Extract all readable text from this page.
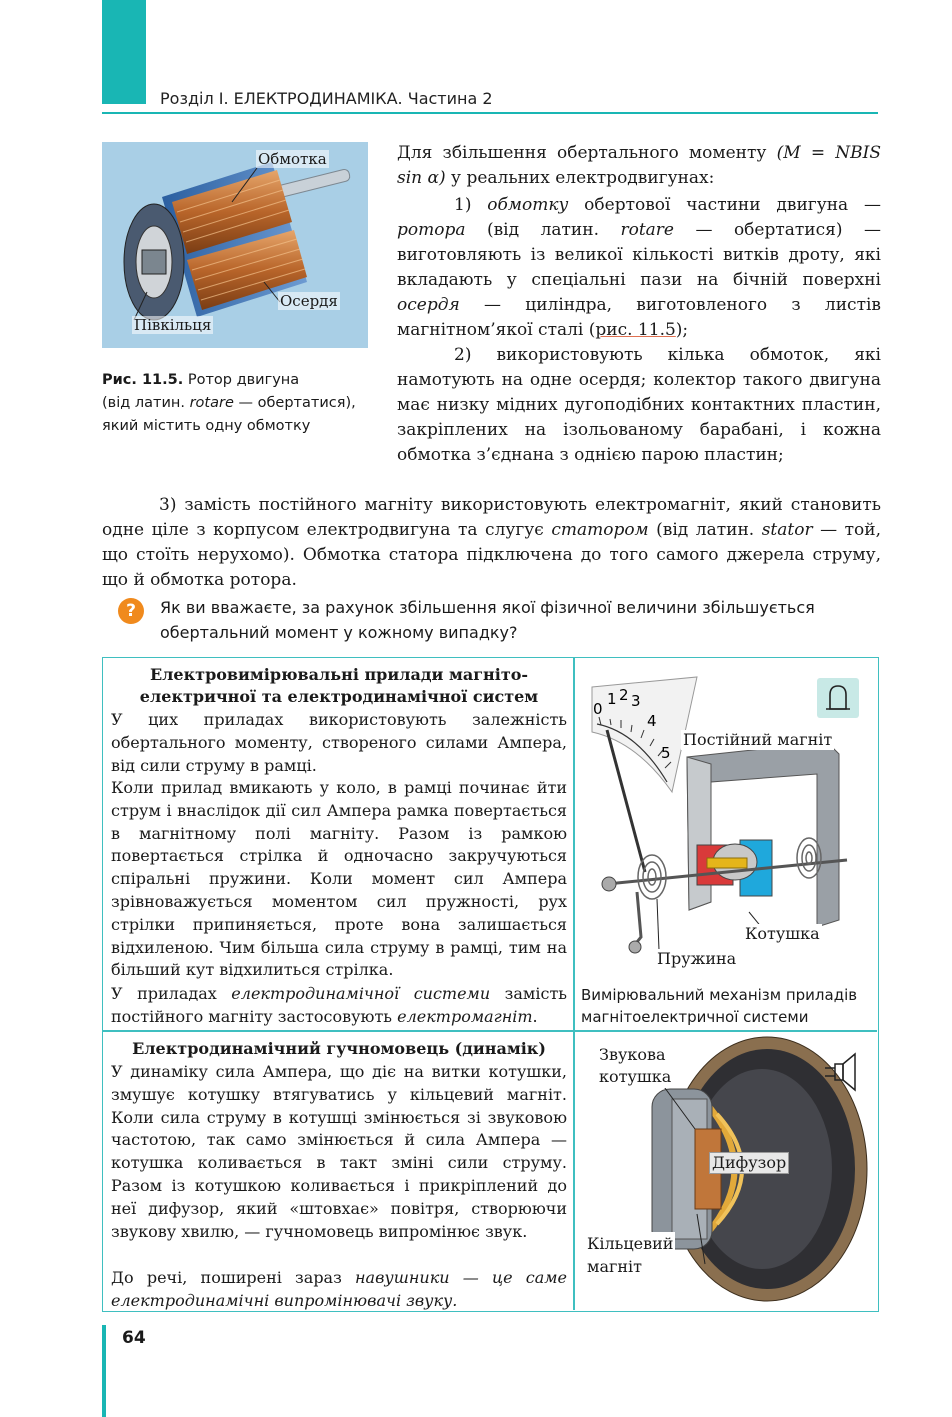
Розділ I. ЕЛЕКТРОДИНАМІКА. Частина 2
Обмотка
Осердя
Півкільця
Рис. 11.5. Ротор двигуна
(від латин. rotare — обертатися),
який містить одну обмотку
Для збільшення обертального моменту (M = NBIS sin α) у реальних електродвигунах:
1) обмотку обертової частини двигуна — ротора (від латин. rotare — обертатися) — виготовляють із великої кількості витків дроту, які вкладають у спеціальні пази на бічній поверхні осердя — циліндра, виготовленого з листів магнітном’якої сталі (рис. 11.5);
2) використовують кілька обмоток, які намотують на одне осердя; колектор такого двигуна має низку мідних дугоподібних контактних пластин, закріплених на ізольованому барабані, і кожна обмотка з’єднана з однією парою пластин;
3) замість постійного магніту використовують електромагніт, який становить одне ціле з корпусом електродвигуна та слугує статором (від латин. stator — той, що стоїть нерухомо). Обмотка статора підключена до того самого джерела струму, що й обмотка ротора.
?	Як ви вважаєте, за рахунок збільшення якої фізичної величини збільшується обертальний момент у кожному випадку?
Електровимірювальні прилади магніто-
електричної та електродинамічної систем
У цих приладах використовують залежність обертального моменту, створеного силами Ампера, від сили струму в рамці.
Коли прилад вмикають у коло, в рамці починає йти струм і внаслідок дії сил Ампера рамка повертається в магнітному полі магніту. Разом із рамкою повертається стрілка й одночасно закручуються спіральні пружини. Коли момент сил Ампера зрівноважується моментом сил пружності, рух стрілки припиняється, проте вона залишається відхиленою. Чим більша сила струму в рамці, тим на більший кут відхилиться стрілка.
У приладах електродинамічної системи замість постійного магніту застосовують електромагніт.
0
1 2 3
4
5
Постійний магніт
Котушка
Пружина
Вимірювальний механізм приладів магнітоелектричної системи
Електродинамічний гучномовець (динамік)
У динаміку сила Ампера, що діє на витки котушки, змушує котушку втягуватись у кільцевий магніт. Коли сила струму в котушці змінюється зі звуковою частотою, так само змінюється й сила Ампера — котушка коливається в такт зміні сили струму. Разом із котушкою коливається і прикріплений до неї дифузор, який «штовхає» повітря, створюючи звукову хвилю, — гучномовець випромінює звук.
До речі, поширені зараз навушники — це саме електродинамічні випромінювачі звуку.
Звукова
котушка
Дифузор
Кільцевий
магніт
64
